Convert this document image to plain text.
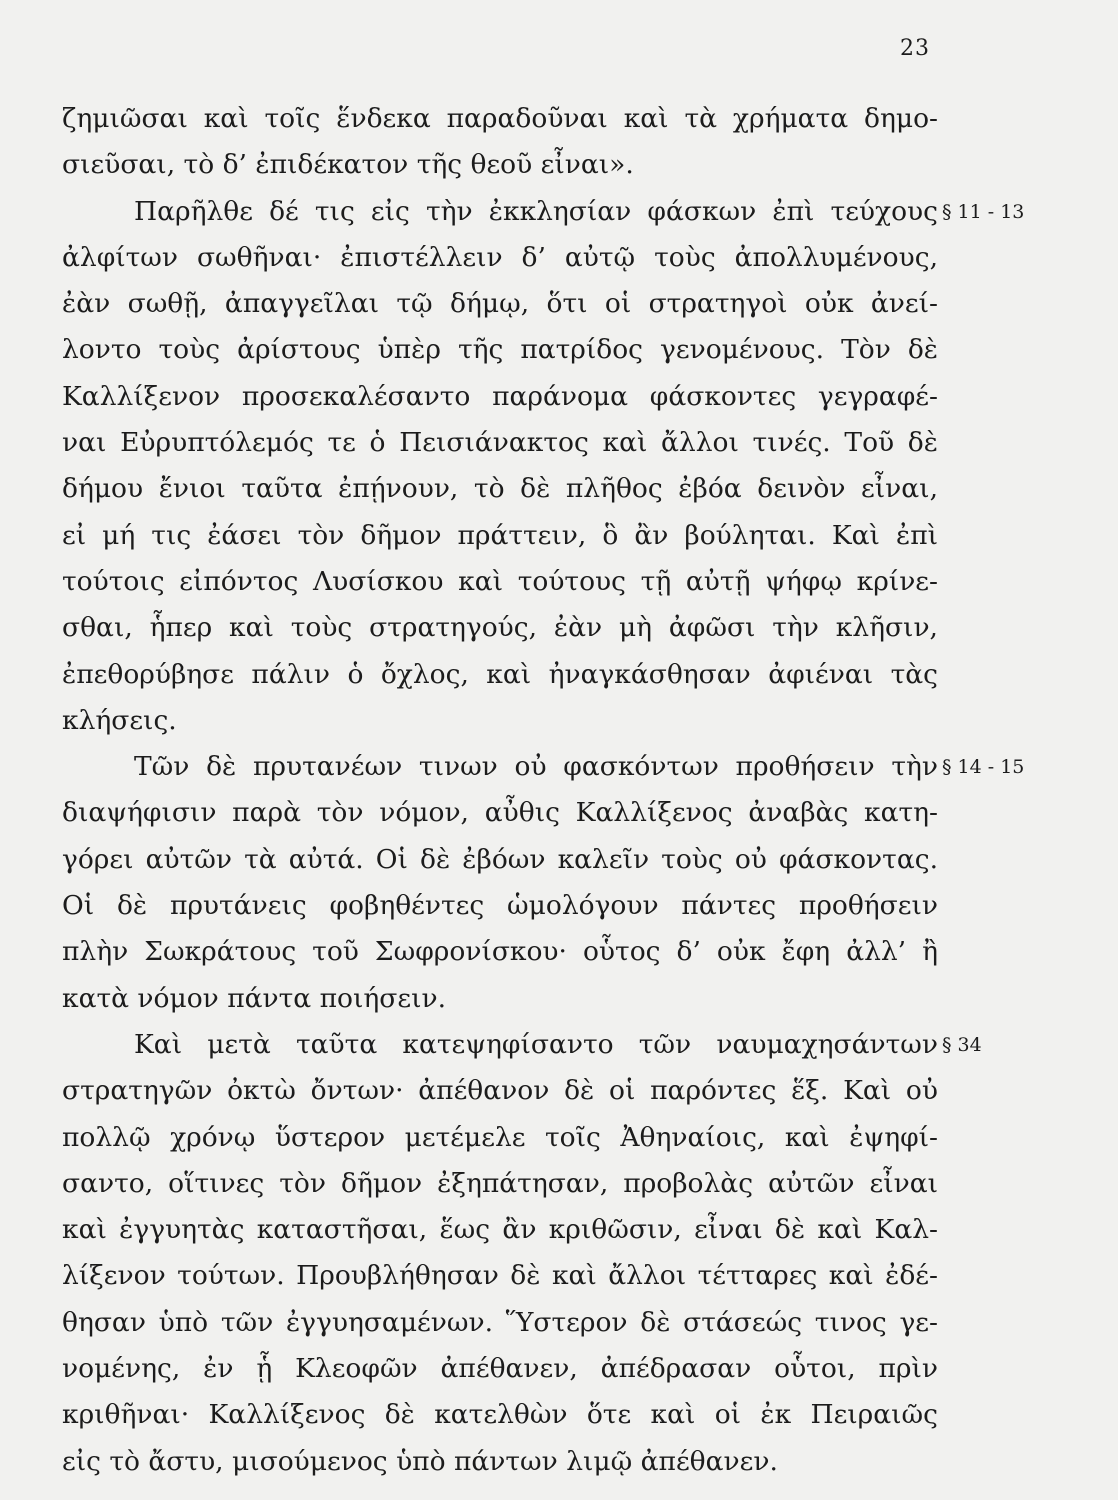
23
ζημιῶσαι καὶ τοῖς ἕνδεκα παραδοῦναι καὶ τὰ χρήματα δημο-
σιεῦσαι, τὸ δ’ ἐπιδέκατον τῆς θεοῦ εἶναι».
Παρῆλθε δέ τις εἰς τὴν ἐκκλησίαν φάσκων ἐπὶ τεύχους § 11 - 13
ἀλφίτων σωθῆναι· ἐπιστέλλειν δ’ αὐτῷ τοὺς ἀπολλυμένους,
ἐὰν σωθῇ, ἀπαγγεῖλαι τῷ δήμῳ, ὅτι οἱ στρατηγοὶ οὐκ ἀνεί-
λοντο τοὺς ἀρίστους ὑπὲρ τῆς πατρίδος γενομένους. Τὸν δὲ
Καλλίξενον προσεκαλέσαντο παράνομα φάσκοντες γεγραφέ-
ναι Εὐρυπτόλεμός τε ὁ Πεισιάνακτος καὶ ἄλλοι τινές. Τοῦ δὲ
δήμου ἔνιοι ταῦτα ἐπῄνουν, τὸ δὲ πλῆθος ἐβόα δεινὸν εἶναι,
εἰ μή τις ἐάσει τὸν δῆμον πράττειν, ὃ ἂν βούληται. Καὶ ἐπὶ
τούτοις εἰπόντος Λυσίσκου καὶ τούτους τῇ αὐτῇ ψήφῳ κρίνε-
σθαι, ἧπερ καὶ τοὺς στρατηγούς, ἐὰν μὴ ἀφῶσι τὴν κλῆσιν,
ἐπεθορύβησε πάλιν ὁ ὄχλος, καὶ ἠναγκάσθησαν ἀφιέναι τὰς
κλήσεις.
Τῶν δὲ πρυτανέων τινων οὐ φασκόντων προθήσειν τὴν § 14 - 15
διαψήφισιν παρὰ τὸν νόμον, αὖθις Καλλίξενος ἀναβὰς κατη-
γόρει αὐτῶν τὰ αὐτά. Οἱ δὲ ἐβόων καλεῖν τοὺς οὐ φάσκοντας.
Οἱ δὲ πρυτάνεις φοβηθέντες ὡμολόγουν πάντες προθήσειν
πλὴν Σωκράτους τοῦ Σωφρονίσκου· οὗτος δ’ οὐκ ἔφη ἀλλ’ ἢ
κατὰ νόμον πάντα ποιήσειν.
Καὶ μετὰ ταῦτα κατεψηφίσαντο τῶν ναυμαχησάντων § 34
στρατηγῶν ὀκτὼ ὄντων· ἀπέθανον δὲ οἱ παρόντες ἕξ. Καὶ οὐ
πολλῷ χρόνῳ ὕστερον μετέμελε τοῖς Ἀθηναίοις, καὶ ἐψηφί-
σαντο, οἵτινες τὸν δῆμον ἐξηπάτησαν, προβολὰς αὐτῶν εἶναι
καὶ ἐγγυητὰς καταστῆσαι, ἕως ἂν κριθῶσιν, εἶναι δὲ καὶ Καλ-
λίξενον τούτων. Προυβλήθησαν δὲ καὶ ἄλλοι τέτταρες καὶ ἐδέ-
θησαν ὑπὸ τῶν ἐγγυησαμένων. Ὕστερον δὲ στάσεώς τινος γε-
νομένης, ἐν ᾗ Κλεοφῶν ἀπέθανεν, ἀπέδρασαν οὗτοι, πρὶν
κριθῆναι· Καλλίξενος δὲ κατελθὼν ὅτε καὶ οἱ ἐκ Πειραιῶς
εἰς τὸ ἄστυ, μισούμενος ὑπὸ πάντων λιμῷ ἀπέθανεν.
